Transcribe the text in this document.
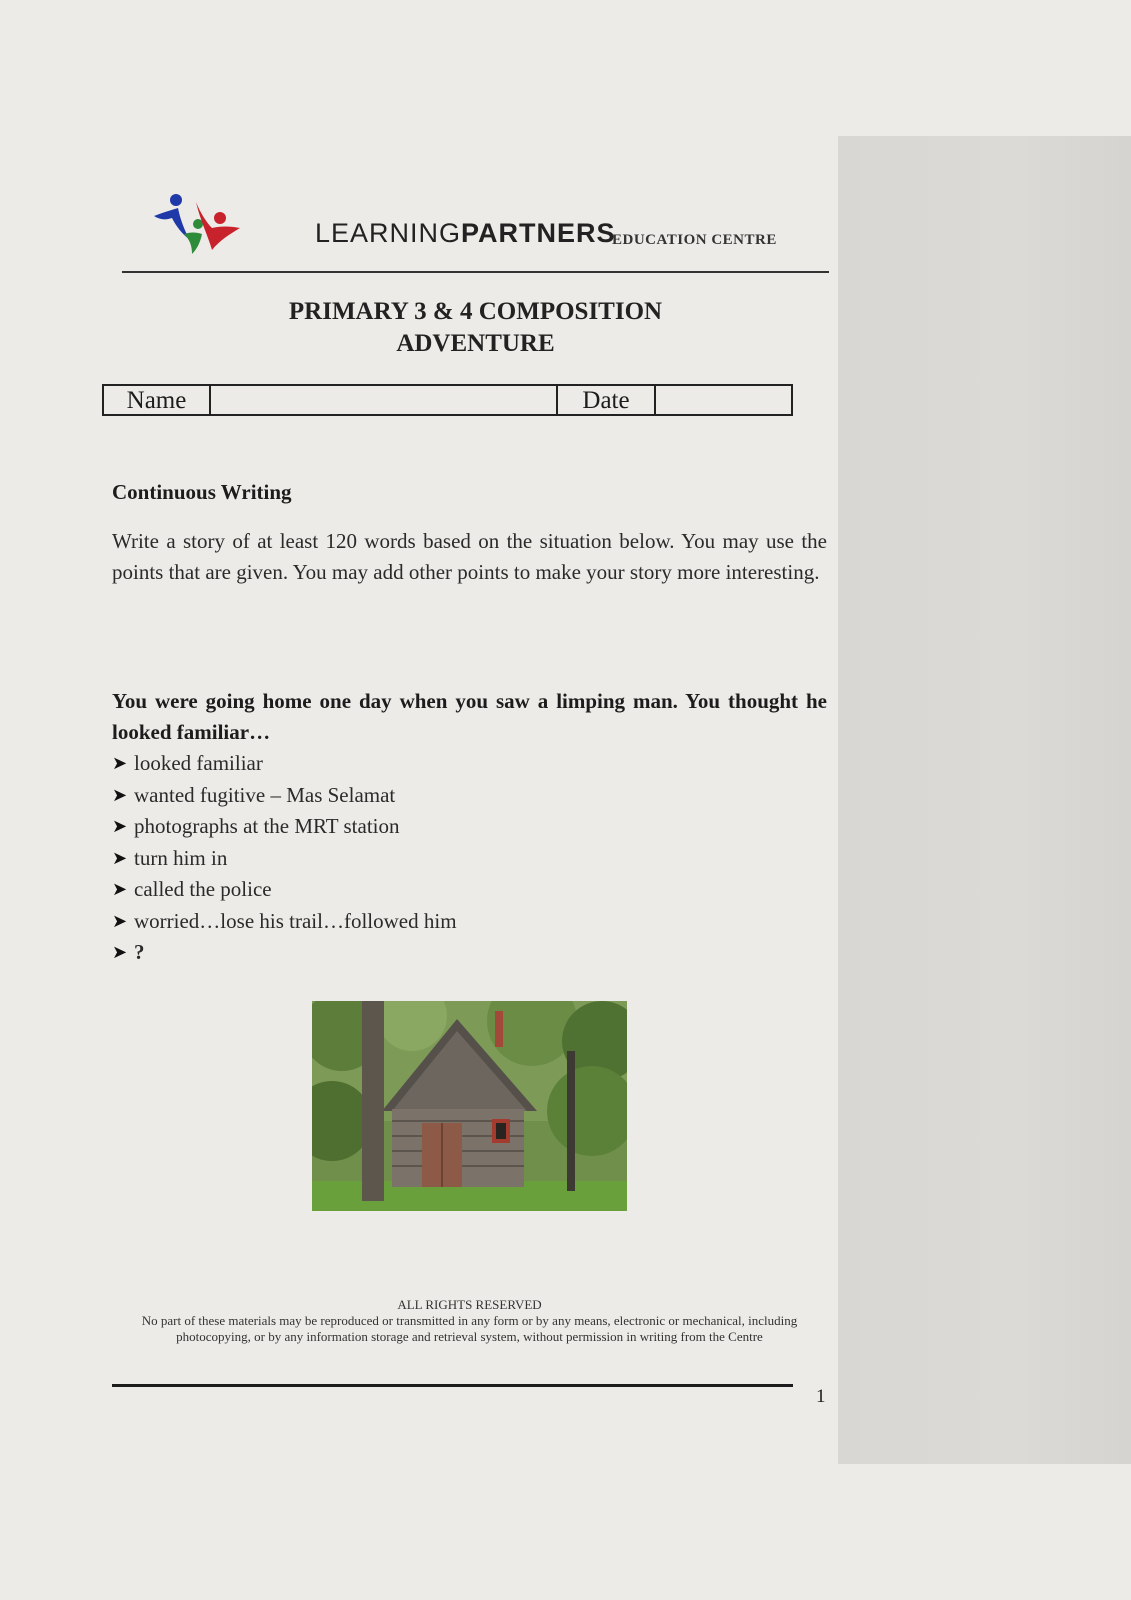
LEARNINGPARTNERS
EDUCATION CENTRE
PRIMARY 3 & 4 COMPOSITION
ADVENTURE
Name	Date
Continuous Writing
Write a story of at least 120 words based on the situation below. You may use the points that are given. You may add other points to make your story more interesting.
You were going home one day when you saw a limping man. You thought he looked familiar…
➤ looked familiar
➤ wanted fugitive – Mas Selamat
➤ photographs at the MRT station
➤ turn him in
➤ called the police
➤ worried…lose his trail…followed him
➤ ?
ALL RIGHTS RESERVED
No part of these materials may be reproduced or transmitted in any form or by any means, electronic or mechanical, including photocopying, or by any information storage and retrieval system, without permission in writing from the Centre
1
